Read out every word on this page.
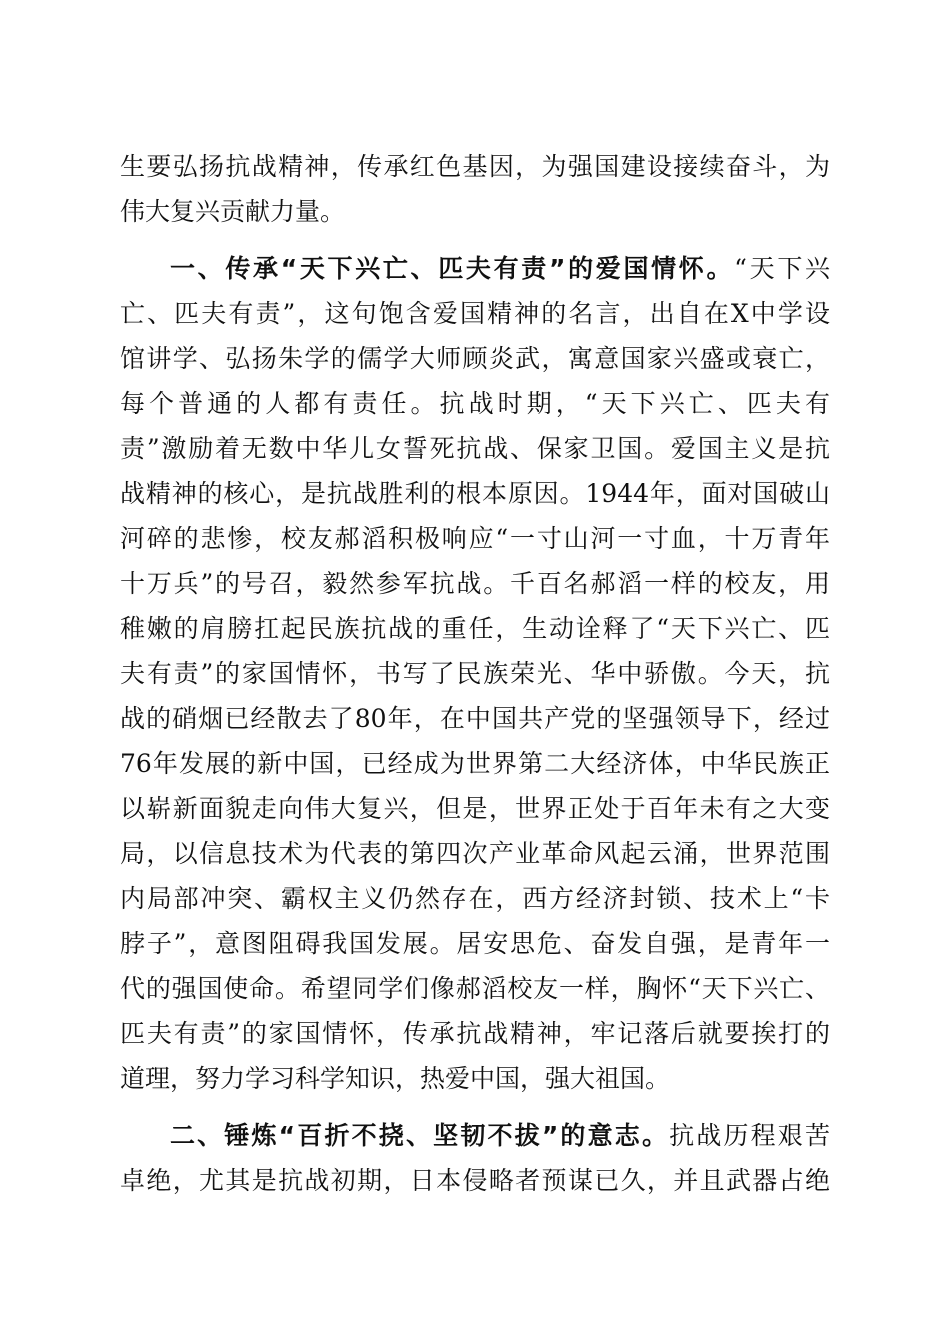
生要弘扬抗战精神，传承红色基因，为强国建设接续奋斗，为
伟大复兴贡献力量。
一、传承“天下兴亡、匹夫有责”的爱国情怀。“天下兴
亡、匹夫有责”，这句饱含爱国精神的名言，出自在X中学设
馆讲学、弘扬朱学的儒学大师顾炎武，寓意国家兴盛或衰亡，
每个普通的人都有责任。抗战时期，“天下兴亡、匹夫有
责”激励着无数中华儿女誓死抗战、保家卫国。爱国主义是抗
战精神的核心，是抗战胜利的根本原因。1944年，面对国破山
河碎的悲惨，校友郝滔积极响应“一寸山河一寸血，十万青年
十万兵”的号召，毅然参军抗战。千百名郝滔一样的校友，用
稚嫩的肩膀扛起民族抗战的重任，生动诠释了“天下兴亡、匹
夫有责”的家国情怀，书写了民族荣光、华中骄傲。今天，抗
战的硝烟已经散去了80年，在中国共产党的坚强领导下，经过
76年发展的新中国，已经成为世界第二大经济体，中华民族正
以崭新面貌走向伟大复兴，但是，世界正处于百年未有之大变
局，以信息技术为代表的第四次产业革命风起云涌，世界范围
内局部冲突、霸权主义仍然存在，西方经济封锁、技术上“卡
脖子”，意图阻碍我国发展。居安思危、奋发自强，是青年一
代的强国使命。希望同学们像郝滔校友一样，胸怀“天下兴亡、
匹夫有责”的家国情怀，传承抗战精神，牢记落后就要挨打的
道理，努力学习科学知识，热爱中国，强大祖国。
二、锤炼“百折不挠、坚韧不拔”的意志。抗战历程艰苦
卓绝，尤其是抗战初期，日本侵略者预谋已久，并且武器占绝
